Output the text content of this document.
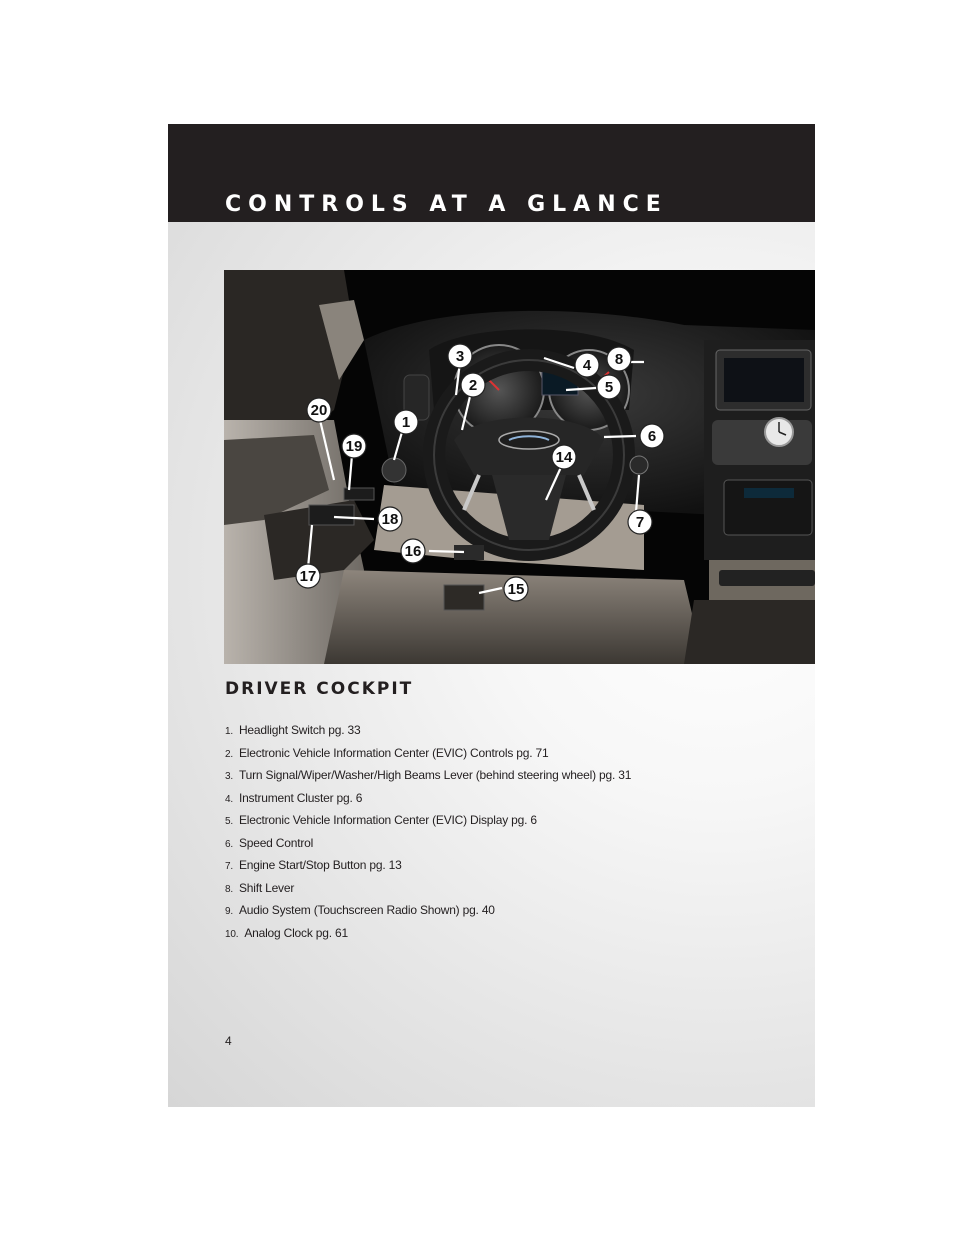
CONTROLS AT A GLANCE
3
4 8
2	5
20
1
6
19
14
18	7
16
17
15
DRIVER COCKPIT
1. Headlight Switch pg. 33
2. Electronic Vehicle Information Center (EVIC) Controls pg. 71
3. Turn Signal/Wiper/Washer/High Beams Lever (behind steering wheel) pg. 31
4. Instrument Cluster pg. 6
5. Electronic Vehicle Information Center (EVIC) Display pg. 6
6. Speed Control
7. Engine Start/Stop Button pg. 13
8. Shift Lever
9. Audio System (Touchscreen Radio Shown) pg. 40
10. Analog Clock pg. 61
4
